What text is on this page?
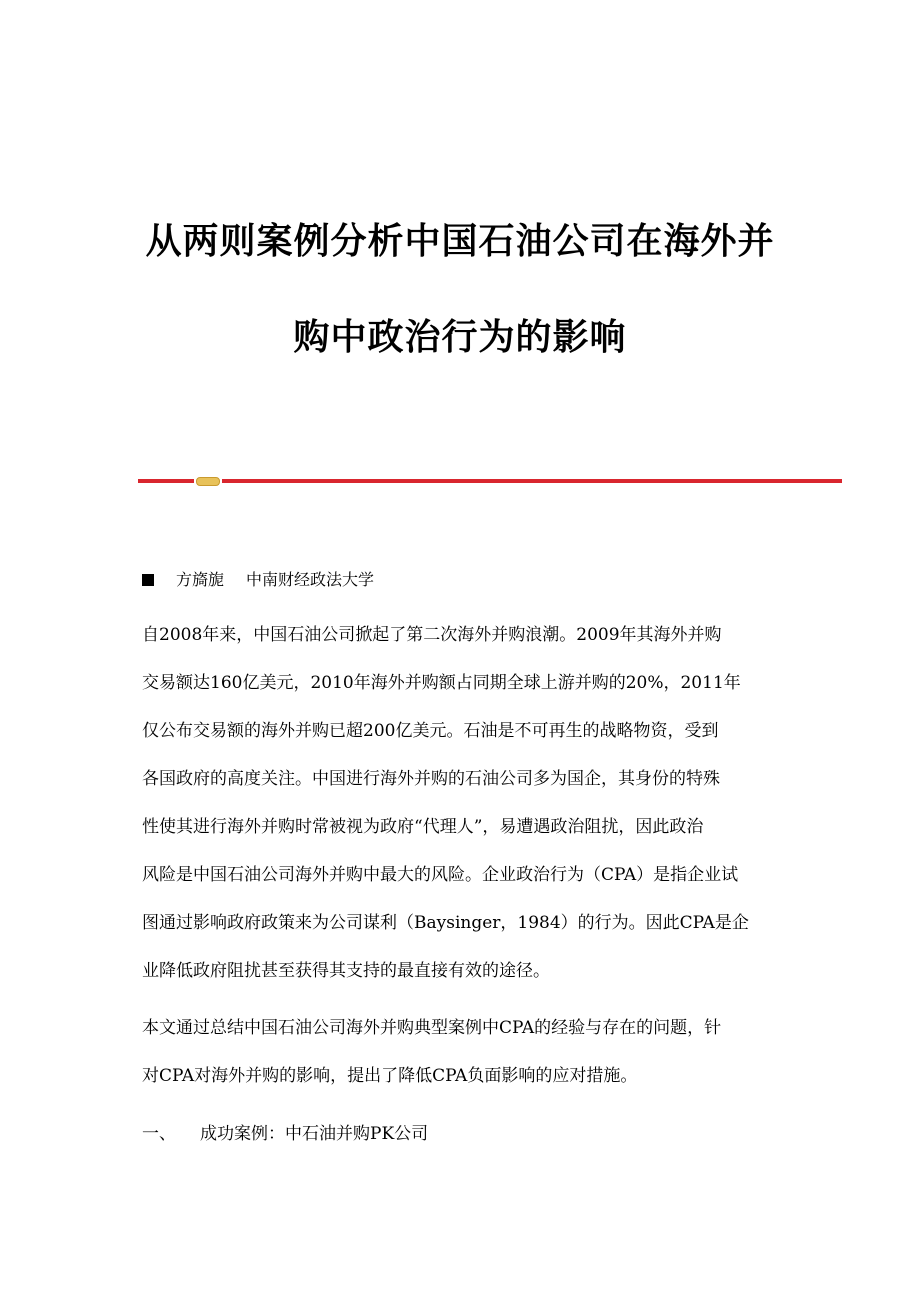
从两则案例分析中国石油公司在海外并
购中政治行为的影响
方旖旎 中南财经政法大学
自2008年来，中国石油公司掀起了第二次海外并购浪潮。2009年其海外并购
交易额达160亿美元，2010年海外并购额占同期全球上游并购的20%，2011年
仅公布交易额的海外并购已超200亿美元。石油是不可再生的战略物资，受到
各国政府的高度关注。中国进行海外并购的石油公司多为国企，其身份的特殊
性使其进行海外并购时常被视为政府“代理人”，易遭遇政治阻扰，因此政治
风险是中国石油公司海外并购中最大的风险。企业政治行为（CPA）是指企业试
图通过影响政府政策来为公司谋利（Baysinger，1984）的行为。因此CPA是企
业降低政府阻扰甚至获得其支持的最直接有效的途径。
本文通过总结中国石油公司海外并购典型案例中CPA的经验与存在的问题，针
对CPA对海外并购的影响，提出了降低CPA负面影响的应对措施。
一、 成功案例：中石油并购PK公司
